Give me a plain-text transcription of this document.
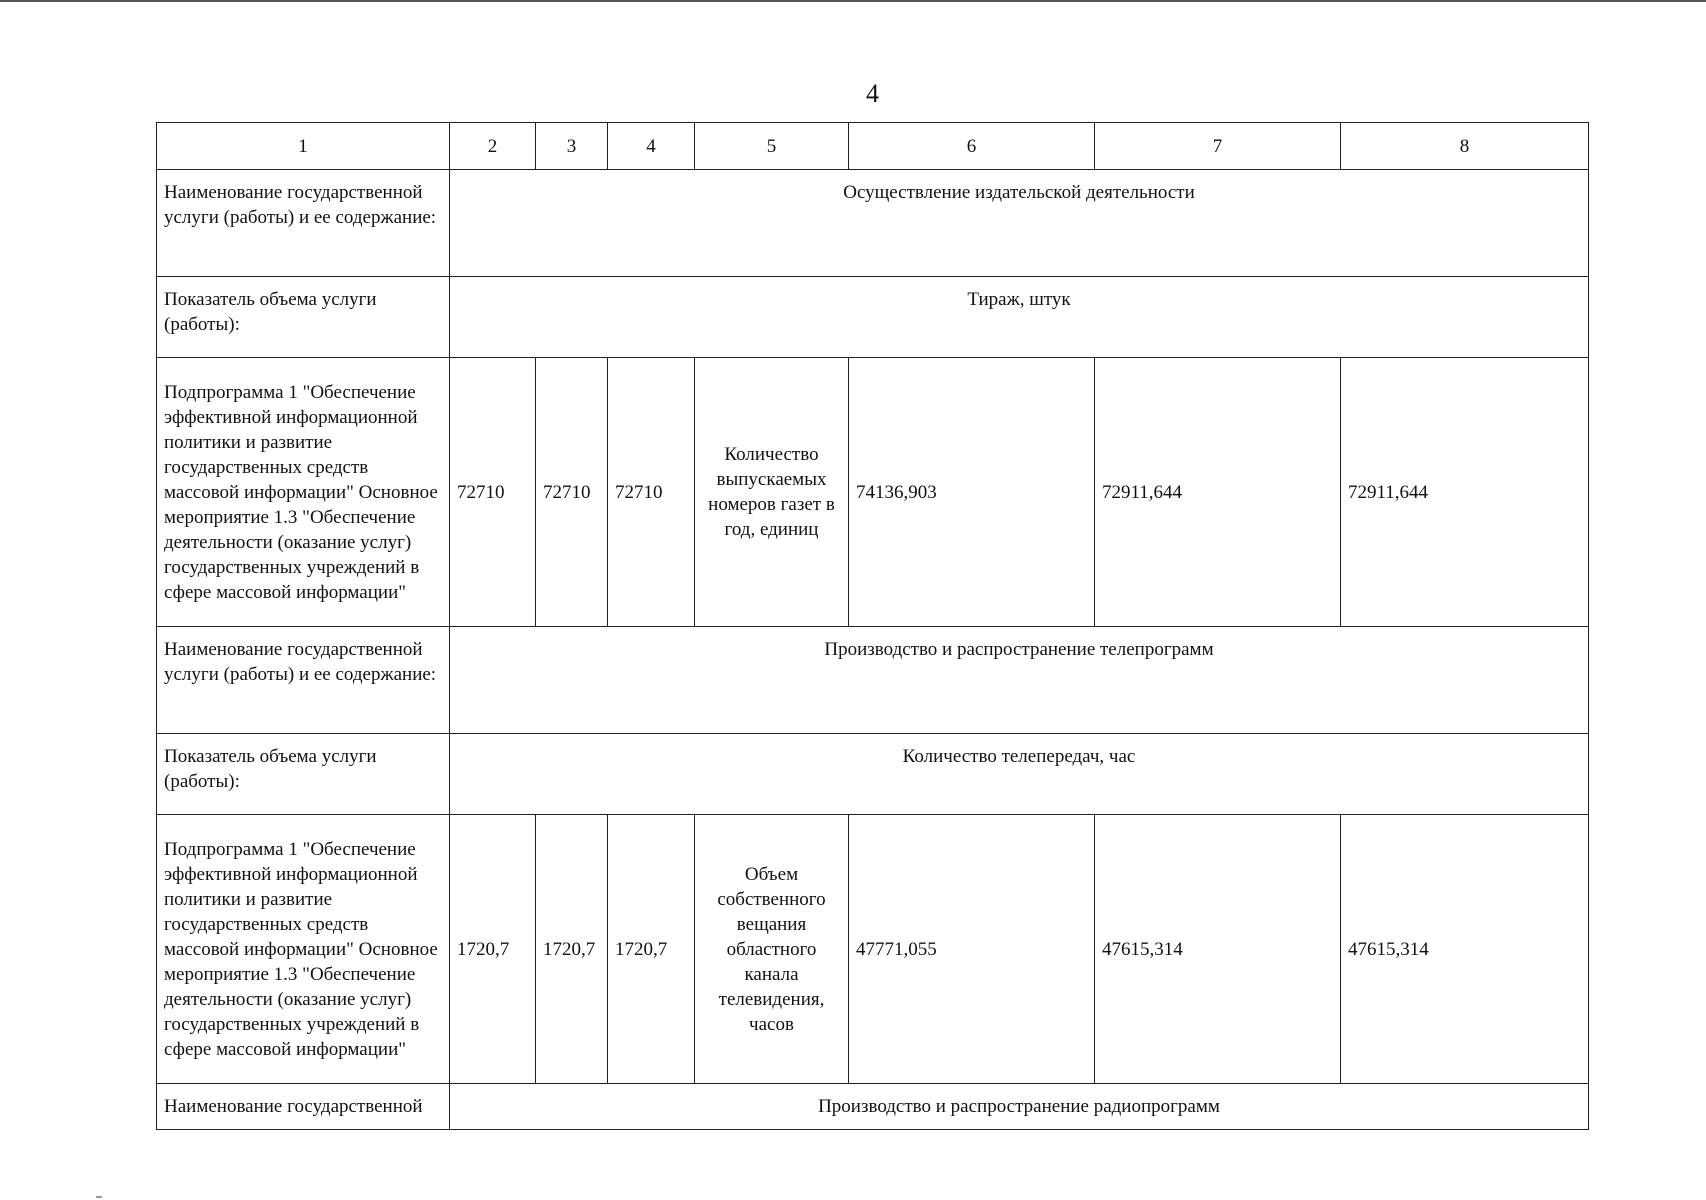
4
1	2	3	4	5	6	7	8
Наименование государственной услуги (работы) и ее содержание:	Осуществление издательской деятельности						
Показатель объема услуги (работы):	Тираж, штук						
Подпрограмма 1 "Обеспечение эффективной информационной политики и развитие государственных средств массовой информации" Основное мероприятие 1.3 "Обеспечение деятельности (оказание услуг) государственных учреждений в сфере массовой информации"	72710	72710	72710	Количество выпускаемых номеров газет в год, единиц	74136,903	72911,644	72911,644
Наименование государственной услуги (работы) и ее содержание:	Производство и распространение телепрограмм						
Показатель объема услуги (работы):	Количество телепередач, час						
Подпрограмма 1 "Обеспечение эффективной информационной политики и развитие государственных средств массовой информации" Основное мероприятие 1.3 "Обеспечение деятельности (оказание услуг) государственных учреждений в сфере массовой информации"	1720,7	1720,7	1720,7	Объем собственного вещания областного канала телевидения, часов	47771,055	47615,314	47615,314
Наименование государственной	Производство и распространение радиопрограмм						
